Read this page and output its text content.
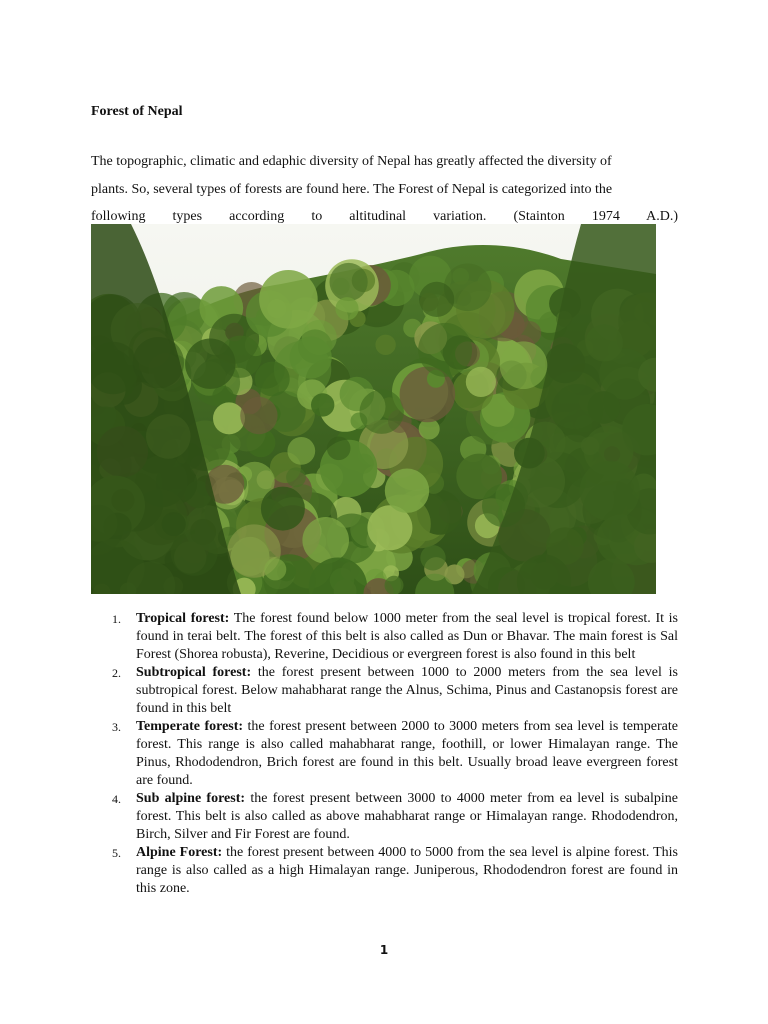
Forest of Nepal
The topographic, climatic and edaphic diversity of Nepal has greatly affected the diversity of
plants. So, several types of forests are found here. The Forest of Nepal is categorized into the
following types according to altitudinal variation. (Stainton 1974 A.D.)
1. Tropical forest: The forest found below 1000 meter from the seal level is tropical forest. It is found in terai belt. The forest of this belt is also called as Dun or Bhavar. The main forest is Sal Forest (Shorea robusta), Reverine, Decidious or evergreen forest is also found in this belt
2. Subtropical forest: the forest present between 1000 to 2000 meters from the sea level is subtropical forest. Below mahabharat range the Alnus, Schima, Pinus and Castanopsis forest are found in this belt
3. Temperate forest: the forest present between 2000 to 3000 meters from sea level is temperate forest. This range is also called mahabharat range, foothill, or lower Himalayan range. The Pinus, Rhododendron, Brich forest are found in this belt. Usually broad leave evergreen forest are found.
4. Sub alpine forest: the forest present between 3000 to 4000 meter from ea level is subalpine forest. This belt is also called as above mahabharat range or Himalayan range. Rhododendron, Birch, Silver and Fir Forest are found.
5. Alpine Forest: the forest present between 4000 to 5000 from the sea level is alpine forest. This range is also called as a high Himalayan range. Juniperous, Rhododendron forest are found in this zone.
1
